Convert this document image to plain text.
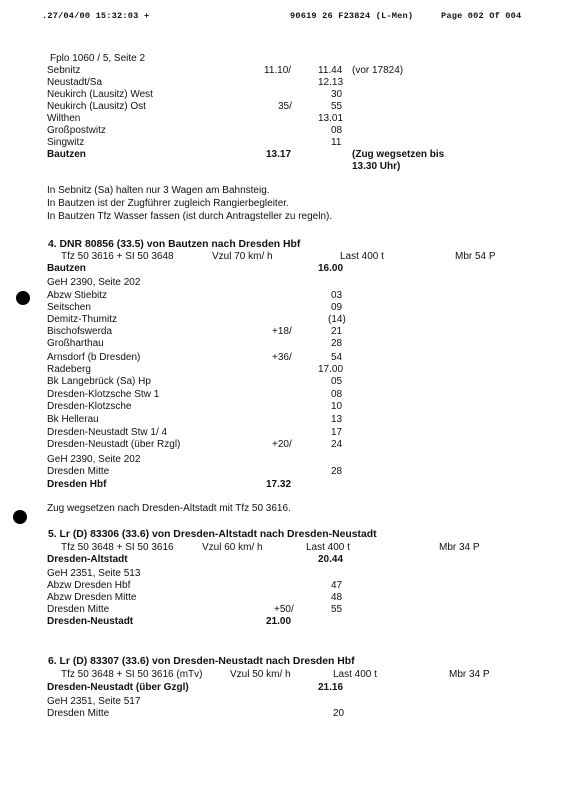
.27/04/00 15:32:03 +	90619 26 F23824 (L-Men)	Page 002 Of 004
Fplo 1060 / 5, Seite 2
Sebnitz	11.10/	11.44 (vor 17824)
Neustadt/Sa	12.13
Neukirch (Lausitz) West	30
Neukirch (Lausitz) Ost	35/	55
Wilthen	13.01
Großpostwitz	08
Singwitz	11
Bautzen	13.17	(Zug wegsetzen bis
13.30 Uhr)
In Sebnitz (Sa) halten nur 3 Wagen am Bahnsteig.
In Bautzen ist der Zugführer zugleich Rangierbegleiter.
In Bautzen Tfz Wasser fassen (ist durch Antragsteller zu regeln).
4. DNR 80856 (33.5) von Bautzen nach Dresden Hbf
Tfz 50 3616 + SI 50 3648	Vzul 70 km/ h	Last 400 t	Mbr 54 P
Bautzen	16.00
GeH 2390, Seite 202
Abzw Stiebitz	03
Seitschen	09
Demitz-Thumitz	(14)
Bischofswerda	+18/	21
Großharthau	28
Arnsdorf (b Dresden)	+36/	54
Radeberg	17.00
Bk Langebrück (Sa) Hp	05
Dresden-Klotzsche Stw 1	08
Dresden-Klotzsche	10
Bk Hellerau	13
Dresden-Neustadt Stw 1/ 4	17
Dresden-Neustadt (über Rzgl)	+20/	24
GeH 2390, Seite 202
Dresden Mitte	28
Dresden Hbf	17.32
Zug wegsetzen nach Dresden-Altstadt mit Tfz 50 3616.
5. Lr (D) 83306 (33.6) von Dresden-Altstadt nach Dresden-Neustadt
Tfz 50 3648 + SI 50 3616	Vzul 60 km/ h	Last 400 t	Mbr 34 P
Dresden-Altstadt	20.44
GeH 2351, Seite 513
Abzw Dresden Hbf	47
Abzw Dresden Mitte	48
Dresden Mitte	+50/	55
Dresden-Neustadt	21.00
6. Lr (D) 83307 (33.6) von Dresden-Neustadt nach Dresden Hbf
Tfz 50 3648 + SI 50 3616 (mTv)	Vzul 50 km/ h	Last 400 t	Mbr 34 P
Dresden-Neustadt (über Gzgl)	21.16
GeH 2351, Seite 517
Dresden Mitte	20
